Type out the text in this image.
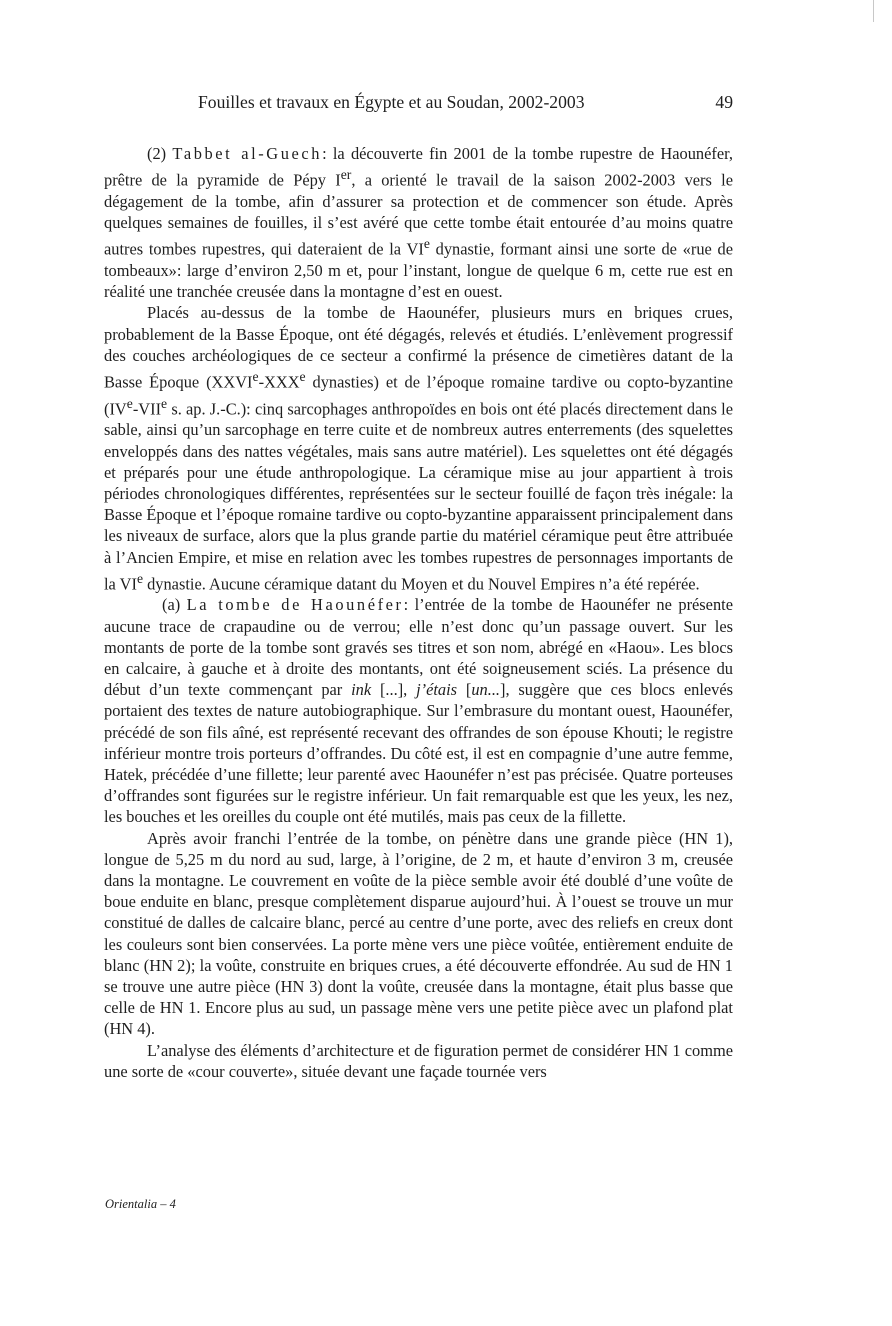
Fouilles et travaux en Égypte et au Soudan, 2002-2003	49

(2) Tabbet al-Guech: la découverte fin 2001 de la tombe rupestre de Haounéfer, prêtre de la pyramide de Pépy Ier, a orienté le travail de la saison 2002-2003 vers le dégagement de la tombe, afin d’assurer sa protection et de commencer son étude. Après quelques semaines de fouilles, il s’est avéré que cette tombe était entourée d’au moins quatre autres tombes rupestres, qui dateraient de la VIe dynastie, formant ainsi une sorte de «rue de tombeaux»: large d’environ 2,50 m et, pour l’instant, longue de quelque 6 m, cette rue est en réalité une tranchée creusée dans la montagne d’est en ouest.

Placés au-dessus de la tombe de Haounéfer, plusieurs murs en briques crues, probablement de la Basse Époque, ont été dégagés, relevés et étudiés. L’enlèvement progressif des couches archéologiques de ce secteur a confirmé la présence de cimetières datant de la Basse Époque (XXVIe-XXXe dynasties) et de l’époque romaine tardive ou copto-byzantine (IVe-VIIe s. ap. J.-C.): cinq sarcophages anthropoïdes en bois ont été placés directement dans le sable, ainsi qu’un sarcophage en terre cuite et de nombreux autres enterrements (des squelettes enveloppés dans des nattes végétales, mais sans autre matériel). Les squelettes ont été dégagés et préparés pour une étude anthropologique. La céramique mise au jour appartient à trois périodes chronologiques différentes, représentées sur le secteur fouillé de façon très inégale: la Basse Époque et l’époque romaine tardive ou copto-byzantine apparaissent principalement dans les niveaux de surface, alors que la plus grande partie du matériel céramique peut être attribuée à l’Ancien Empire, et mise en relation avec les tombes rupestres de personnages importants de la VIe dynastie. Aucune céramique datant du Moyen et du Nouvel Empires n’a été repérée.

(a) La tombe de Haounéfer: l’entrée de la tombe de Haounéfer ne présente aucune trace de crapaudine ou de verrou; elle n’est donc qu’un passage ouvert. Sur les montants de porte de la tombe sont gravés ses titres et son nom, abrégé en «Haou». Les blocs en calcaire, à gauche et à droite des montants, ont été soigneusement sciés. La présence du début d’un texte commençant par ink [...], j’étais [un...], suggère que ces blocs enlevés portaient des textes de nature autobiographique. Sur l’embrasure du montant ouest, Haounéfer, précédé de son fils aîné, est représenté recevant des offrandes de son épouse Khouti; le registre inférieur montre trois porteurs d’offrandes. Du côté est, il est en compagnie d’une autre femme, Hatek, précédée d’une fillette; leur parenté avec Haounéfer n’est pas précisée. Quatre porteuses d’offrandes sont figurées sur le registre inférieur. Un fait remarquable est que les yeux, les nez, les bouches et les oreilles du couple ont été mutilés, mais pas ceux de la fillette.

Après avoir franchi l’entrée de la tombe, on pénètre dans une grande pièce (HN 1), longue de 5,25 m du nord au sud, large, à l’origine, de 2 m, et haute d’environ 3 m, creusée dans la montagne. Le couvrement en voûte de la pièce semble avoir été doublé d’une voûte de boue enduite en blanc, presque complètement disparue aujourd’hui. À l’ouest se trouve un mur constitué de dalles de calcaire blanc, percé au centre d’une porte, avec des reliefs en creux dont les couleurs sont bien conservées. La porte mène vers une pièce voûtée, entièrement enduite de blanc (HN 2); la voûte, construite en briques crues, a été découverte effondrée. Au sud de HN 1 se trouve une autre pièce (HN 3) dont la voûte, creusée dans la montagne, était plus basse que celle de HN 1. Encore plus au sud, un passage mène vers une petite pièce avec un plafond plat (HN 4).

L’analyse des éléments d’architecture et de figuration permet de considérer HN 1 comme une sorte de «cour couverte», située devant une façade tournée vers

Orientalia – 4
